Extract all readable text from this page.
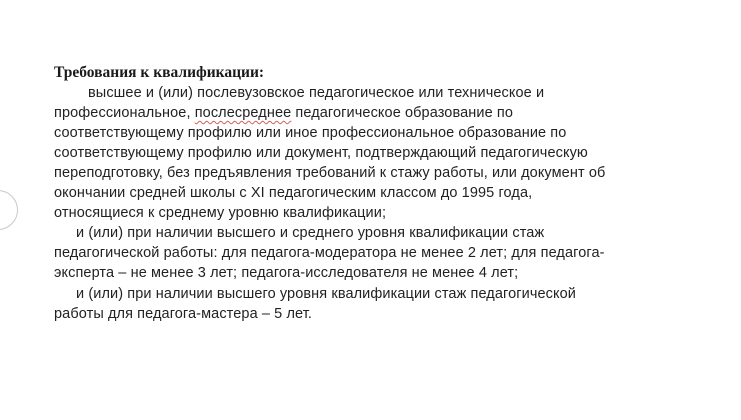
Требования к квалификации:
высшее и (или) послевузовское педагогическое или техническое и
профессиональное, послесреднее педагогическое образование по
соответствующему профилю или иное профессиональное образование по
соответствующему профилю или документ, подтверждающий педагогическую
переподготовку, без предъявления требований к стажу работы, или документ об
окончании средней школы с XI педагогическим классом до 1995 года,
относящиеся к среднему уровню квалификации;
и (или) при наличии высшего и среднего уровня квалификации стаж
педагогической работы: для педагога-модератора не менее 2 лет; для педагога-
эксперта – не менее 3 лет; педагога-исследователя не менее 4 лет;
и (или) при наличии высшего уровня квалификации стаж педагогической
работы для педагога-мастера – 5 лет.
